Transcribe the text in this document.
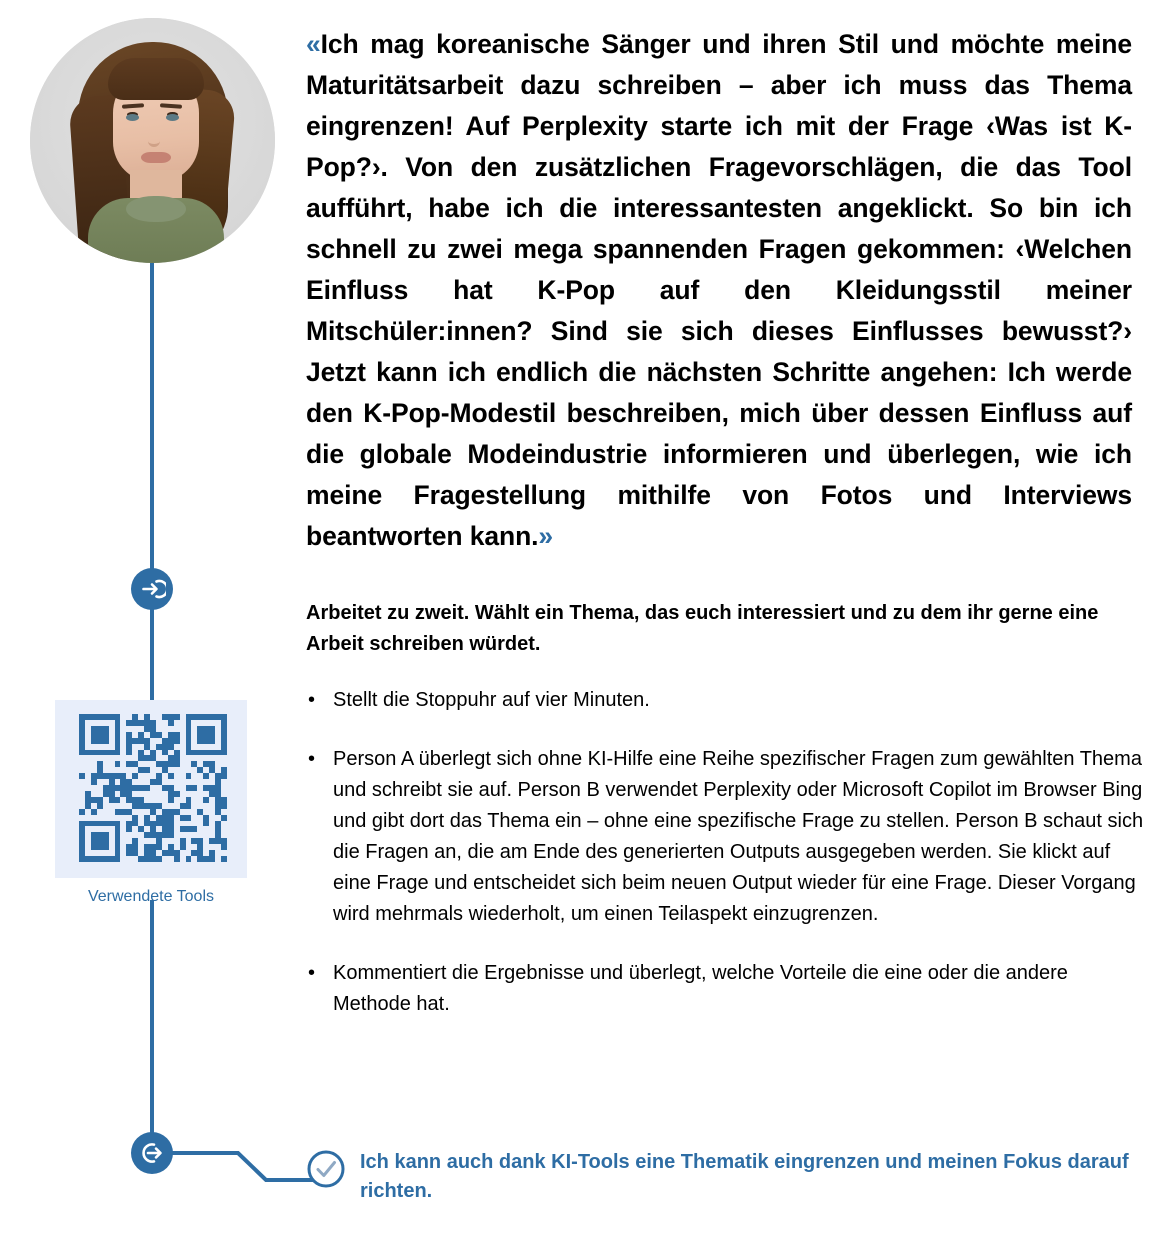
Verwendete Tools
«Ich mag koreanische Sänger und ihren Stil und möchte meine Maturitätsarbeit dazu schreiben – aber ich muss das Thema eingrenzen! Auf Perplexity starte ich mit der Frage ‹Was ist K-Pop?›. Von den zusätzlichen Fragevorschlägen, die das Tool aufführt, habe ich die interessantesten angeklickt. So bin ich schnell zu zwei mega spannenden Fragen gekommen: ‹Welchen Einfluss hat K-Pop auf den Kleidungsstil meiner Mitschüler:innen? Sind sie sich dieses Einflusses bewusst?› Jetzt kann ich endlich die nächsten Schritte angehen: Ich werde den K-Pop-Modestil beschreiben, mich über dessen Einfluss auf die globale Modeindustrie informieren und überlegen, wie ich meine Fragestellung mithilfe von Fotos und Interviews beantworten kann.»
Arbeitet zu zweit. Wählt ein Thema, das euch interessiert und zu dem ihr gerne eine Arbeit schreiben würdet.
• Stellt die Stoppuhr auf vier Minuten.
• Person A überlegt sich ohne KI-Hilfe eine Reihe spezifischer Fragen zum gewählten Thema und schreibt sie auf. Person B verwendet Perplexity oder Microsoft Copilot im Browser Bing und gibt dort das Thema ein – ohne eine spezifische Frage zu stellen. Person B schaut sich die Fragen an, die am Ende des generierten Outputs ausgegeben werden. Sie klickt auf eine Frage und entscheidet sich beim neuen Output wieder für eine Frage. Dieser Vorgang wird mehrmals wiederholt, um einen Teilaspekt einzugrenzen.
• Kommentiert die Ergebnisse und überlegt, welche Vorteile die eine oder die andere Methode hat.
Ich kann auch dank KI-Tools eine Thematik eingrenzen und meinen Fokus darauf richten.
